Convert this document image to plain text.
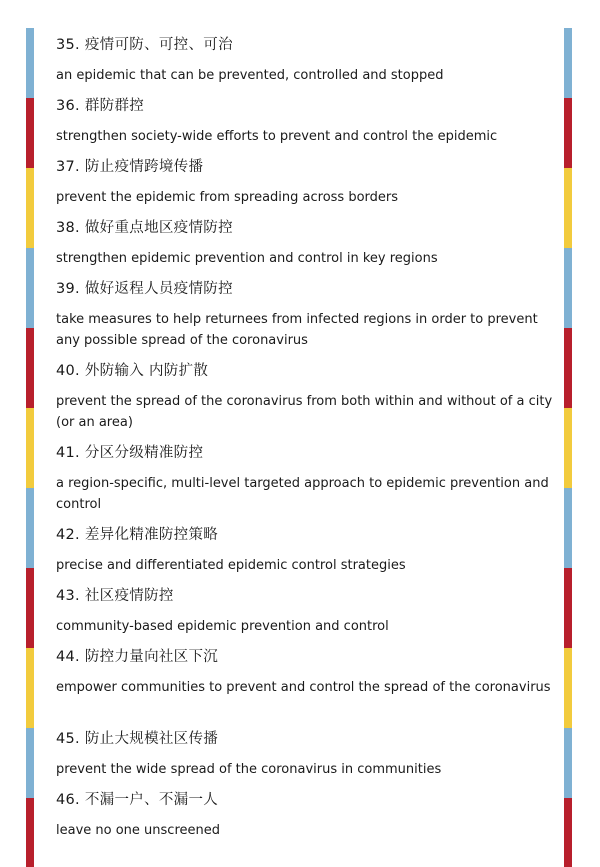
35. 疫情可防、可控、可治
an epidemic that can be prevented, controlled and stopped
36. 群防群控
strengthen society-wide efforts to prevent and control the epidemic
37. 防止疫情跨境传播
prevent the epidemic from spreading across borders
38. 做好重点地区疫情防控
strengthen epidemic prevention and control in key regions
39. 做好返程人员疫情防控
take measures to help returnees from infected regions in order to prevent any possible spread of the coronavirus
40. 外防输入 内防扩散
prevent the spread of the coronavirus from both within and without of a city (or an area)
41. 分区分级精准防控
a region-specific, multi-level targeted approach to epidemic prevention and control
42. 差异化精准防控策略
precise and differentiated epidemic control strategies
43. 社区疫情防控
community-based epidemic prevention and control
44. 防控力量向社区下沉
empower communities to prevent and control the spread of the coronavirus
45. 防止大规模社区传播
prevent the wide spread of the coronavirus in communities
46. 不漏一户、不漏一人
leave no one unscreened
